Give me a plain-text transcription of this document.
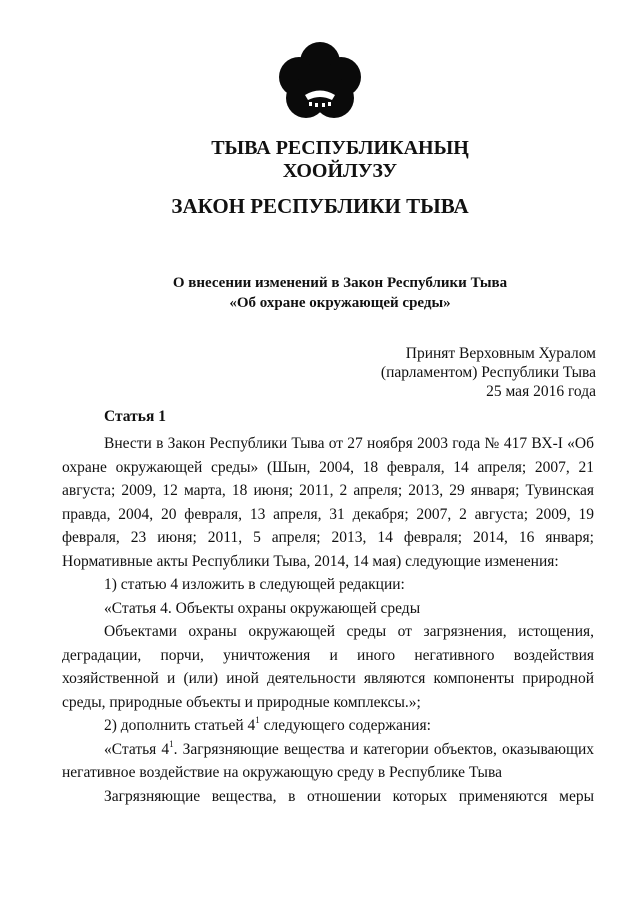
ТЫВА РЕСПУБЛИКАНЫҢ
ХООЙЛУЗУ
ЗАКОН РЕСПУБЛИКИ ТЫВА
О внесении изменений в Закон Республики Тыва
«Об охране окружающей среды»
Принят Верховным Хуралом
(парламентом) Республики Тыва
25 мая 2016 года
Статья 1

Внести в Закон Республики Тыва от 27 ноября 2003 года № 417 ВХ-I «Об

охране окружающей среды» (Шын, 2004, 18 февраля, 14 апреля; 2007, 21

августа; 2009, 12 марта, 18 июня; 2011, 2 апреля; 2013, 29 января; Тувинская

правда, 2004, 20 февраля, 13 апреля, 31 декабря; 2007, 2 августа; 2009, 19

февраля, 23 июня; 2011, 5 апреля; 2013, 14 февраля; 2014, 16 января;

Нормативные акты Республики Тыва, 2014, 14 мая) следующие изменения:

1) статью 4 изложить в следующей редакции:

«Статья 4. Объекты охраны окружающей среды

Объектами охраны окружающей среды от загрязнения, истощения,

деградации, порчи, уничтожения и иного негативного воздействия

хозяйственной и (или) иной деятельности являются компоненты природной

среды, природные объекты и природные комплексы.»;

2) дополнить статьей $4^1$ следующего содержания:

«Статья $4^1$. Загрязняющие вещества и категории объектов, оказывающих

негативное воздействие на окружающую среду в Республике Тыва

Загрязняющие вещества, в отношении которых применяются меры
